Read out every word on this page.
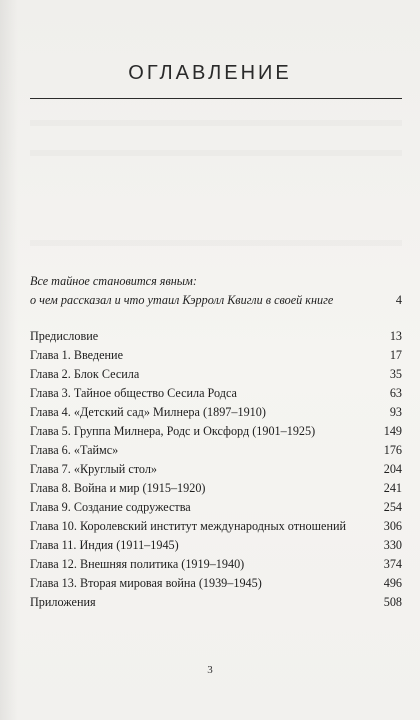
ОГЛАВЛЕНИЕ
Все тайное становится явным:
о чем рассказал и что утаил Кэрролл Квигли в своей книге	4
Предисловие	13
Глава 1. Введение	17
Глава 2. Блок Сесила	35
Глава 3. Тайное общество Сесила Родса	63
Глава 4. «Детский сад» Милнера (1897–1910)	93
Глава 5. Группа Милнера, Родс и Оксфорд (1901–1925)	149
Глава 6. «Таймс»	176
Глава 7. «Круглый стол»	204
Глава 8. Война и мир (1915–1920)	241
Глава 9. Создание содружества	254
Глава 10. Королевский институт международных отношений	306
Глава 11. Индия (1911–1945)	330
Глава 12. Внешняя политика (1919–1940)	374
Глава 13. Вторая мировая война (1939–1945)	496
Приложения	508
3
